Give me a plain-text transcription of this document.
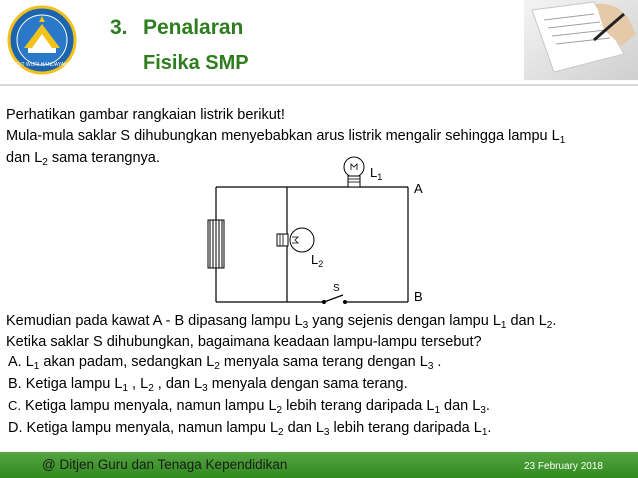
TUT WURI HANDAYANI
3. Penalaran
Fisika SMP
Perhatikan gambar rangkaian listrik berikut!
Mula-mula saklar S dihubungkan menyebabkan arus listrik mengalir sehingga lampu $L_1$
dan $L_2$ sama terangnya.
$L_1$
$L_2$
A
B
S
Kemudian pada kawat A - B dipasang lampu $L_3$ yang sejenis dengan lampu $L_1$ dan $L_2$.
Ketika saklar S dihubungkan, bagaimana keadaan lampu-lampu tersebut?
A. $L_1$ akan padam, sedangkan $L_2$ menyala sama terang dengan $L_3$ .
B. Ketiga lampu $L_1$ , $L_2$ , dan $L_3$ menyala dengan sama terang.
C. Ketiga lampu menyala, namun lampu $L_2$ lebih terang daripada $L_1$ dan $L_3$.
D. Ketiga lampu menyala, namun lampu $L_2$ dan $L_3$ lebih terang daripada $L_1$.
@ Ditjen Guru dan Tenaga Kependidikan	23 February 2018
